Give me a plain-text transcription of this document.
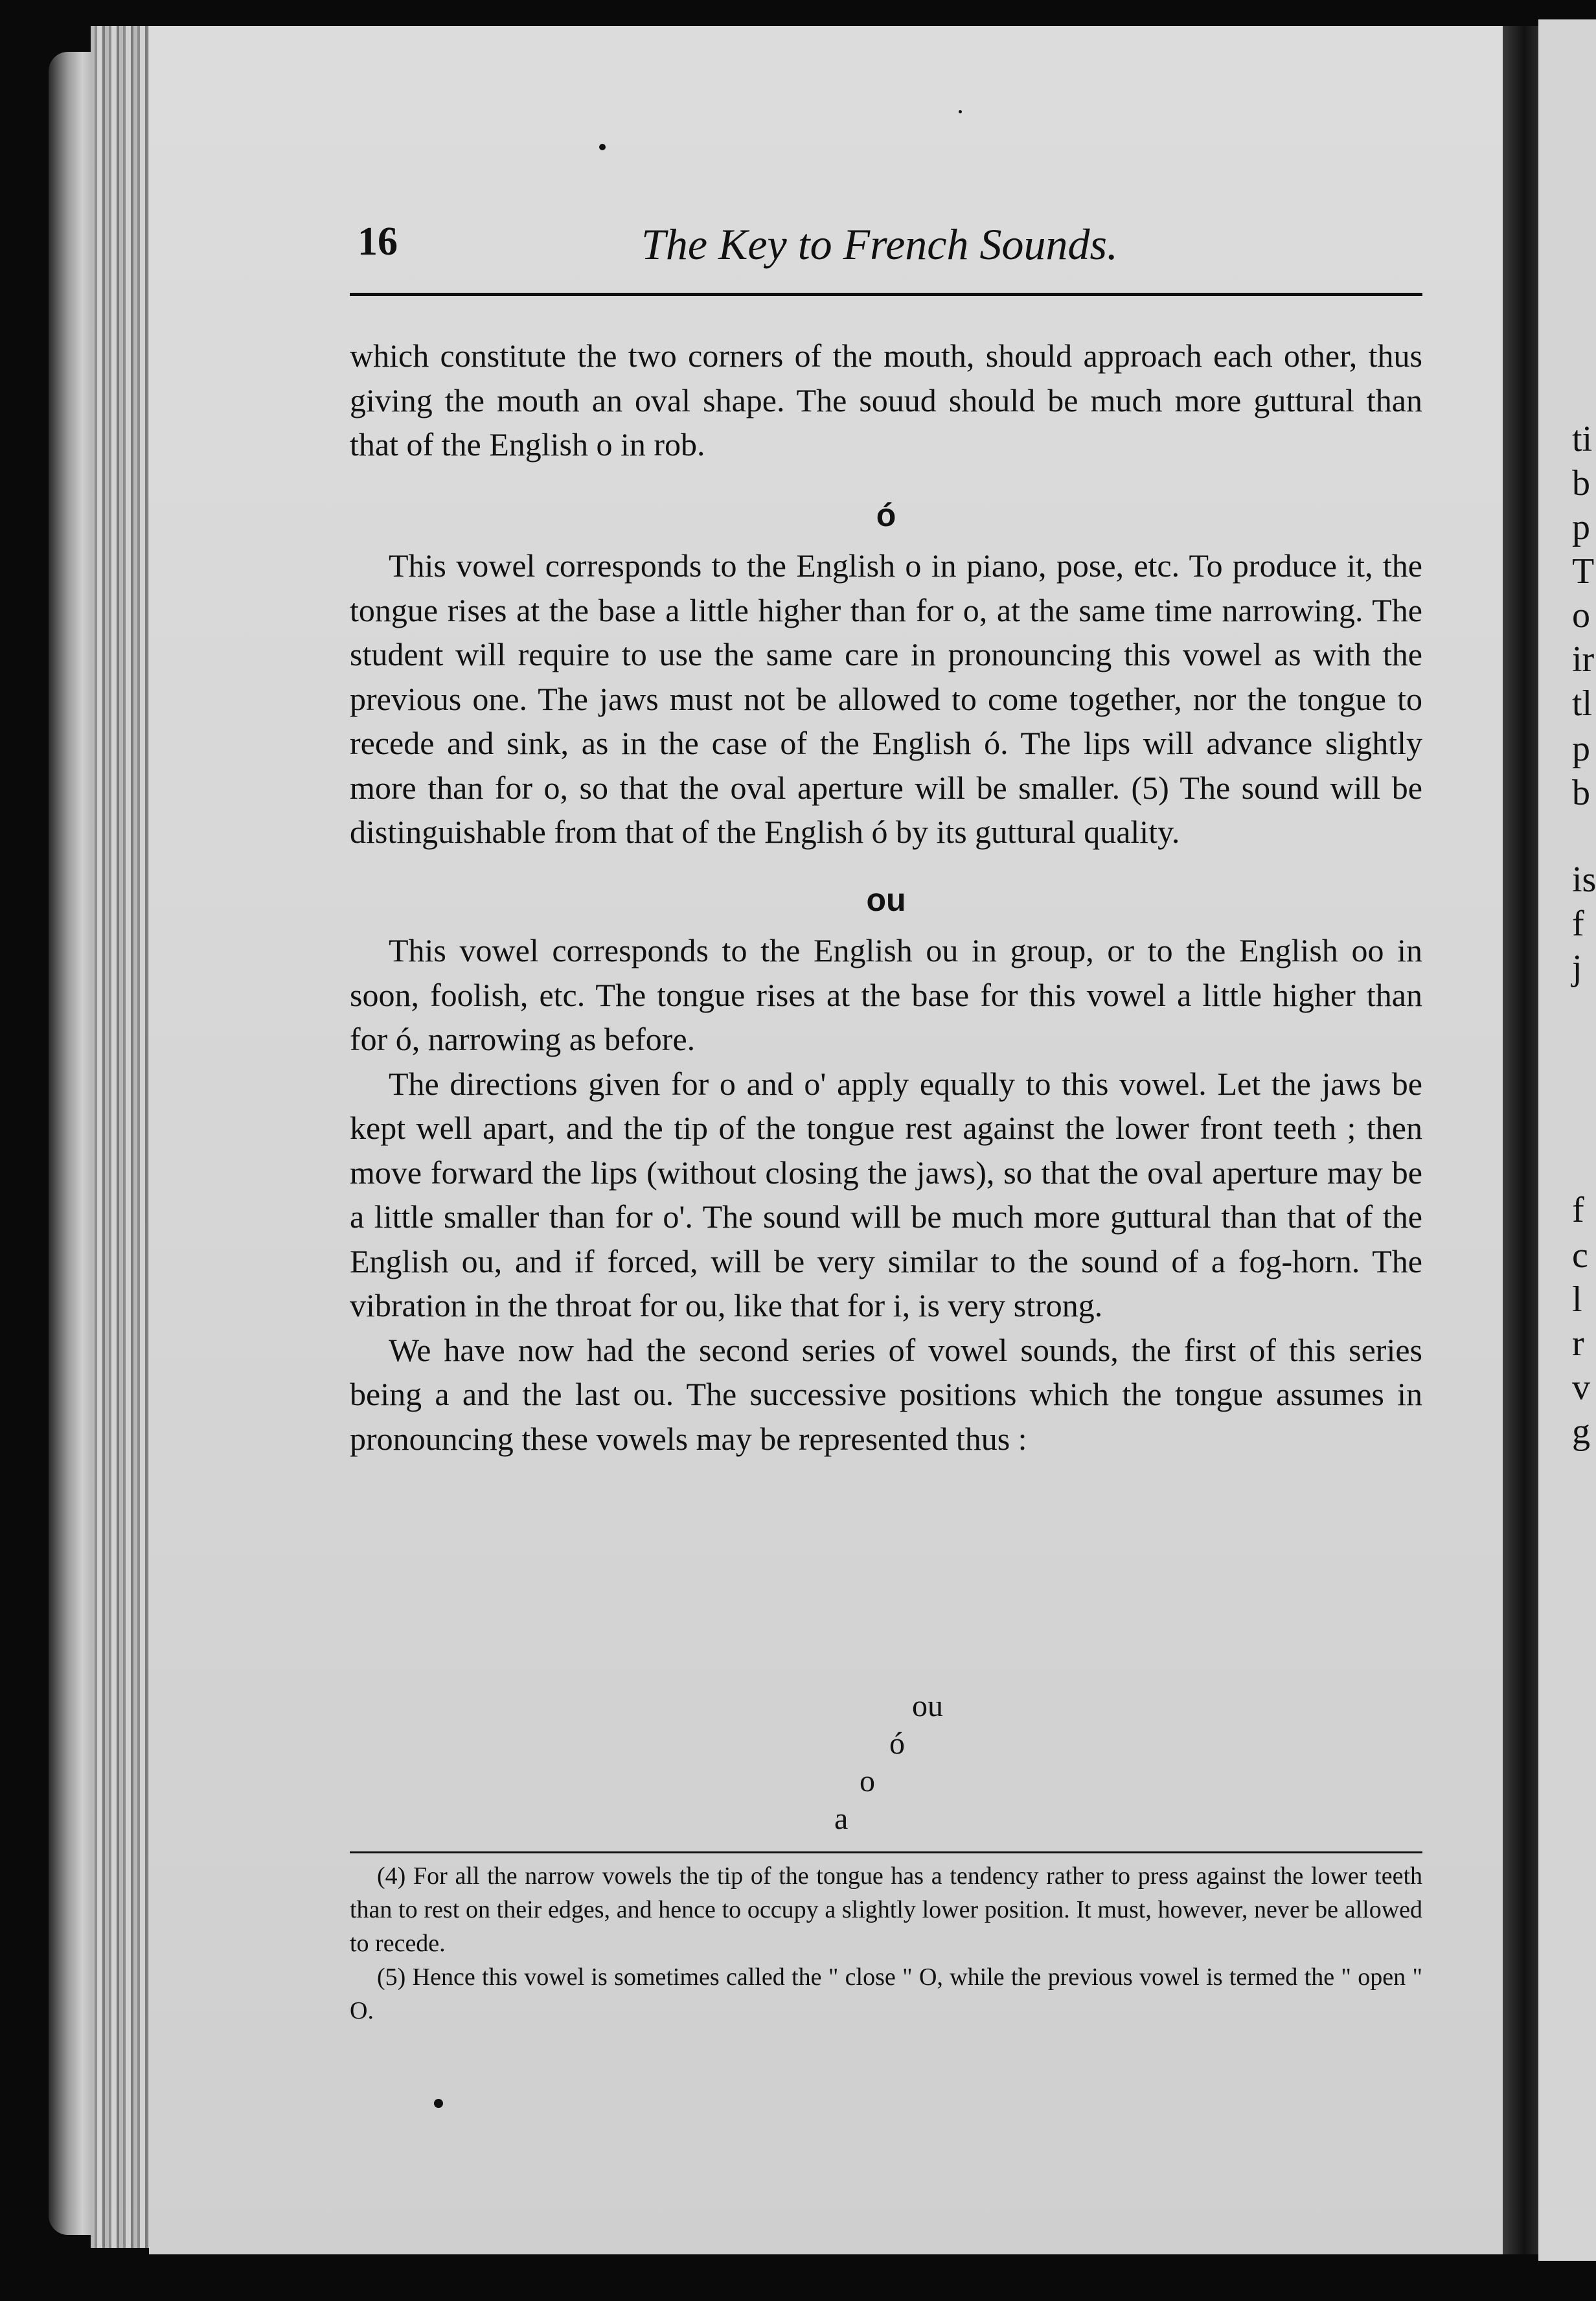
ti
b
p
T
o
ir
tl
p
b
is
f
j
f
c
l
r
v
g
16	The Key to French Sounds.

which constitute the two corners of the mouth, should approach each other, thus giving the mouth an oval shape. The souud should be much more guttural than that of the English o in rob.

ó

This vowel corresponds to the English o in piano, pose, etc. To produce it, the tongue rises at the base a little higher than for o, at the same time narrowing. The student will require to use the same care in pronouncing this vowel as with the previous one. The jaws must not be allowed to come together, nor the tongue to recede and sink, as in the case of the English ó. The lips will advance slightly more than for o, so that the oval aperture will be smaller. (5) The sound will be distinguishable from that of the English ó by its guttural quality.

ou

This vowel corresponds to the English ou in group, or to the English oo in soon, foolish, etc. The tongue rises at the base for this vowel a little higher than for ó, narrowing as before.

The directions given for o and o' apply equally to this vowel. Let the jaws be kept well apart, and the tip of the tongue rest against the lower front teeth ; then move forward the lips (without closing the jaws), so that the oval aperture may be a little smaller than for o'. The sound will be much more guttural than that of the English ou, and if forced, will be very similar to the sound of a fog-horn. The vibration in the throat for ou, like that for i, is very strong.

We have now had the second series of vowel sounds, the first of this series being a and the last ou. The successive positions which the tongue assumes in pronouncing these vowels may be represented thus :

ou
ó
o
a

(4) For all the narrow vowels the tip of the tongue has a tendency rather to press against the lower teeth than to rest on their edges, and hence to occupy a slightly lower position. It must, however, never be allowed to recede.

(5) Hence this vowel is sometimes called the " close " O, while the previous vowel is termed the " open " O.
